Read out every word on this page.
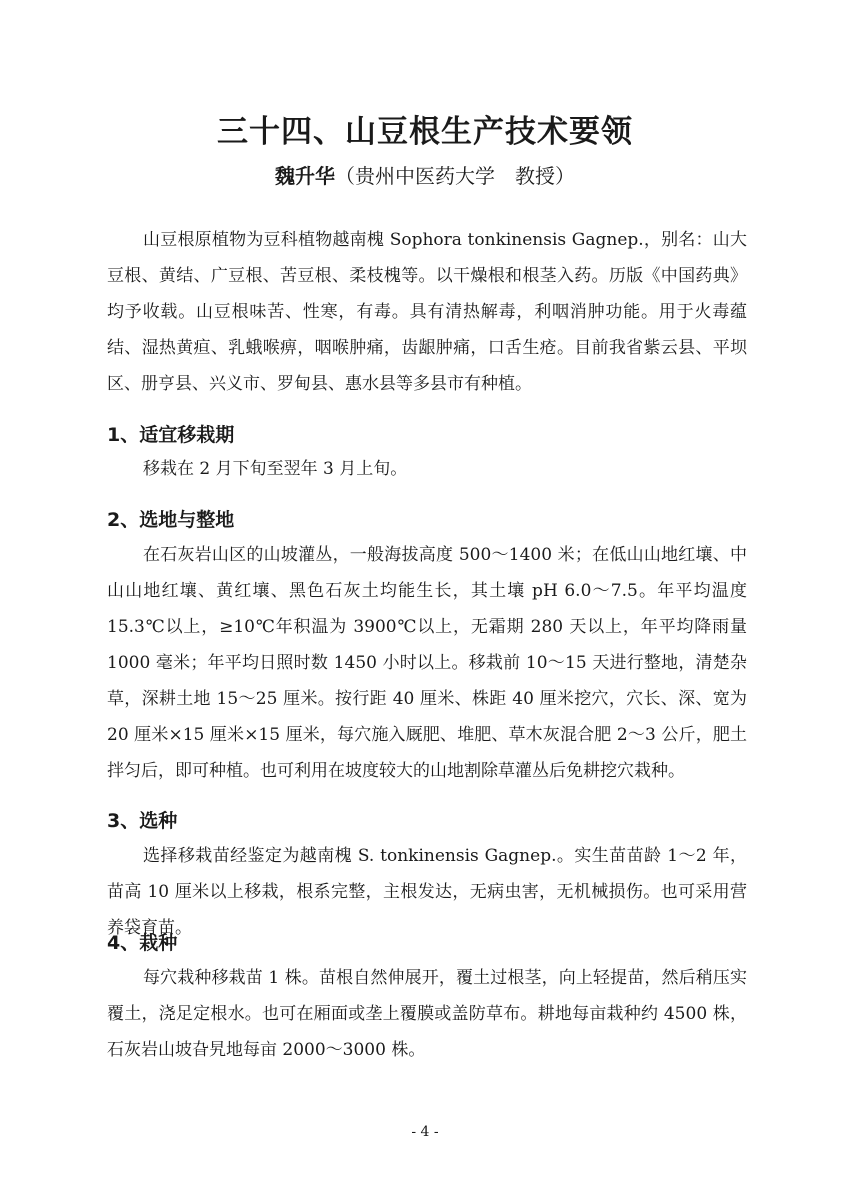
三十四、山豆根生产技术要领
魏升华（贵州中医药大学　教授）

山豆根原植物为豆科植物越南槐 Sophora tonkinensis Gagnep.，别名：山大豆根、黄结、广豆根、苦豆根、柔枝槐等。以干燥根和根茎入药。历版《中国药典》均予收载。山豆根味苦、性寒，有毒。具有清热解毒，利咽消肿功能。用于火毒蕴结、湿热黄疸、乳蛾喉痹，咽喉肿痛，齿龈肿痛，口舌生疮。目前我省紫云县、平坝区、册亨县、兴义市、罗甸县、惠水县等多县市有种植。

1、适宜移栽期

移栽在 2 月下旬至翌年 3 月上旬。

2、选地与整地

在石灰岩山区的山坡灌丛，一般海拔高度 500～1400 米；在低山山地红壤、中山山地红壤、黄红壤、黑色石灰土均能生长，其土壤 pH 6.0～7.5。年平均温度 15.3℃以上，≥10℃年积温为 3900℃以上，无霜期 280 天以上，年平均降雨量 1000 毫米；年平均日照时数 1450 小时以上。移栽前 10～15 天进行整地，清楚杂草，深耕土地 15～25 厘米。按行距 40 厘米、株距 40 厘米挖穴，穴长、深、宽为 20 厘米×15 厘米×15 厘米，每穴施入厩肥、堆肥、草木灰混合肥 2～3 公斤，肥土拌匀后，即可种植。也可利用在坡度较大的山地割除草灌丛后免耕挖穴栽种。

3、选种

选择移栽苗经鉴定为越南槐 S. tonkinensis Gagnep.。实生苗苗龄 1～2 年，苗高 10 厘米以上移栽，根系完整，主根发达，无病虫害，无机械损伤。也可采用营养袋育苗。

4、栽种

每穴栽种移栽苗 1 株。苗根自然伸展开，覆土过根茎，向上轻提苗，然后稍压实覆土，浇足定根水。也可在厢面或垄上覆膜或盖防草布。耕地每亩栽种约 4500 株，石灰岩山坡旮旯地每亩 2000～3000 株。

- 4 -
